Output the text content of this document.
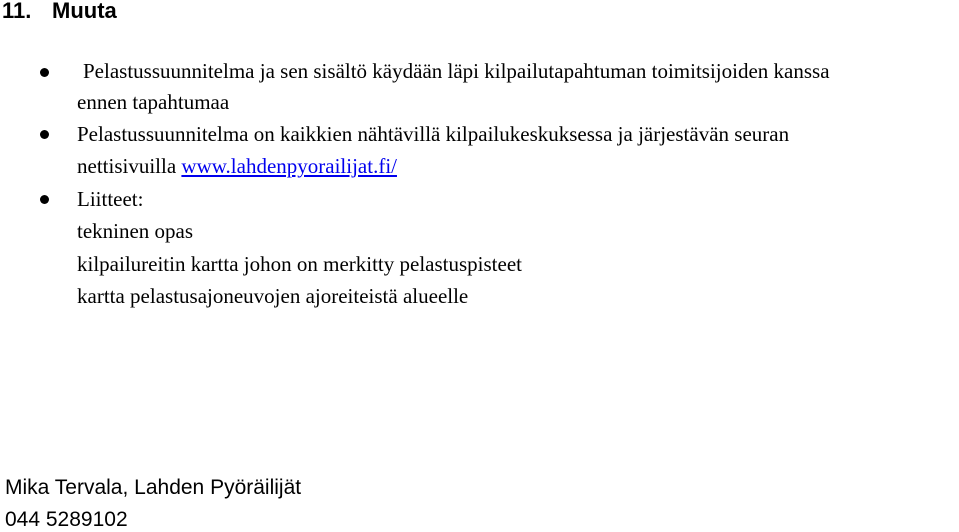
11. Muuta
Pelastussuunnitelma ja sen sisältö käydään läpi kilpailutapahtuman toimitsijoiden kanssa
ennen tapahtumaa
Pelastussuunnitelma on kaikkien nähtävillä kilpailukeskuksessa ja järjestävän seuran
nettisivuilla www.lahdenpyorailijat.fi/
Liitteet:
tekninen opas
kilpailureitin kartta johon on merkitty pelastuspisteet
kartta pelastusajoneuvojen ajoreiteistä alueelle
Mika Tervala, Lahden Pyöräilijät
044 5289102
